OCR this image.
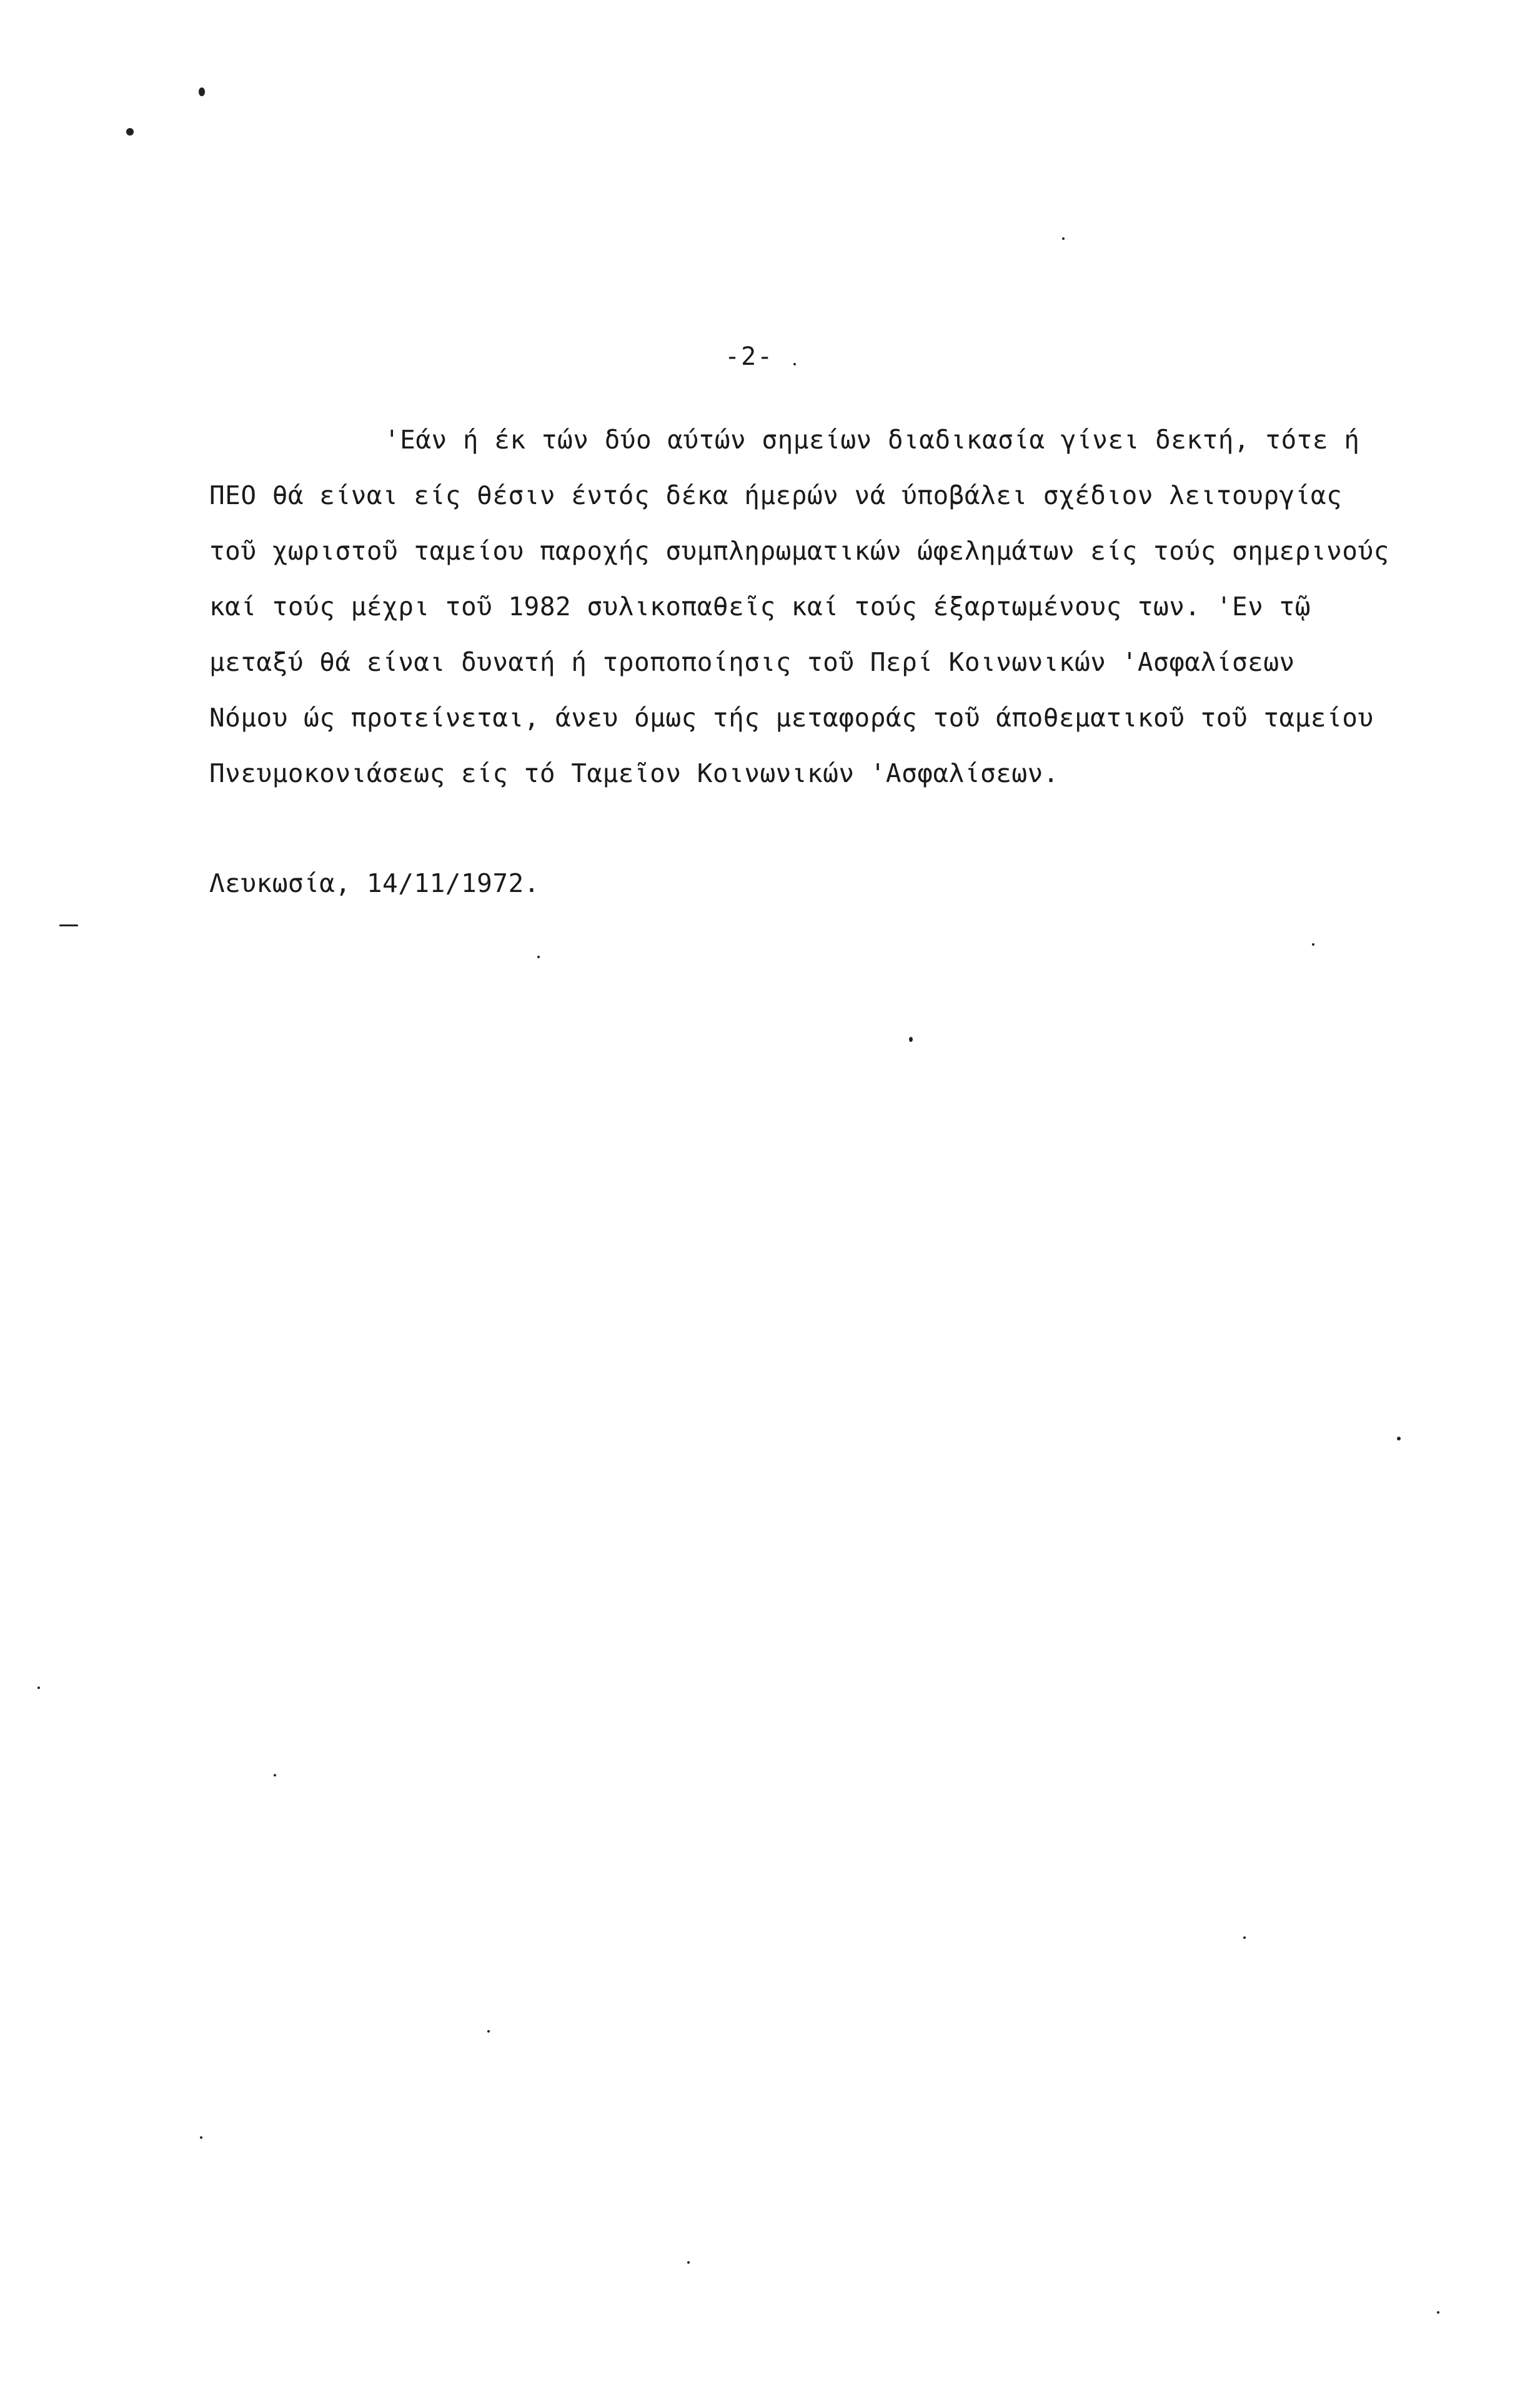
-2-
'Εάν ή έκ τών δύο αύτών σημείων διαδικασία γίνει δεκτή, τότε ή
ΠΕΟ θά είναι είς θέσιν έντός δέκα ήμερών νά ύποβάλει σχέδιον λειτουργίας
τοῦ χωριστοῦ ταμείου παροχής συμπληρωματικών ώφελημάτων είς τούς σημερινούς
καί τούς μέχρι τοῦ 1982 συλικοπαθεῖς καί τούς έξαρτωμένους των. 'Εν τῷ
μεταξύ θά είναι δυνατή ή τροποποίησις τοῦ Περί Κοινωνικών 'Ασφαλίσεων
Νόμου ώς προτείνεται, άνευ όμως τής μεταφοράς τοῦ άποθεματικοῦ τοῦ ταμείου
Πνευμοκονιάσεως είς τό Ταμεῖον Κοινωνικών 'Ασφαλίσεων.
Λευκωσία, 14/11/1972.
